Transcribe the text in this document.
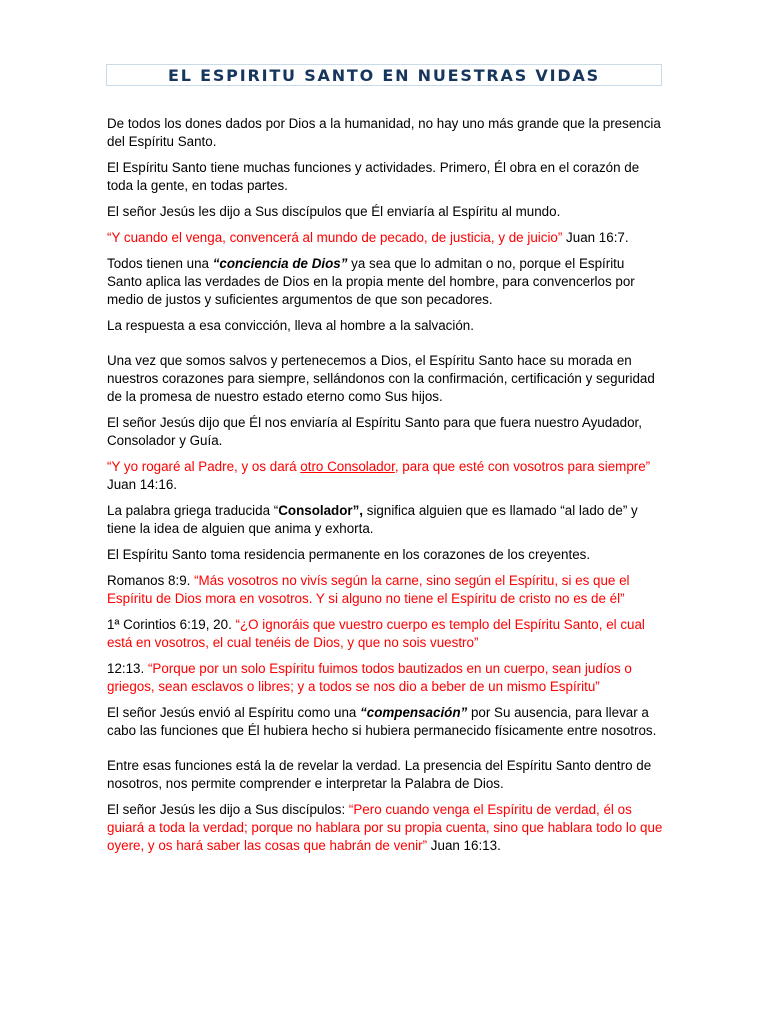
EL ESPIRITU SANTO EN NUESTRAS VIDAS

De todos los dones dados por Dios a la humanidad, no hay uno más grande que la presencia del Espíritu Santo.

El Espíritu Santo tiene muchas funciones y actividades. Primero, Él obra en el corazón de toda la gente, en todas partes.

El señor Jesús les dijo a Sus discípulos que Él enviaría al Espíritu al mundo.

“Y cuando el venga, convencerá al mundo de pecado, de justicia, y de juicio” Juan 16:7.

Todos tienen una “conciencia de Dios” ya sea que lo admitan o no, porque el Espíritu Santo aplica las verdades de Dios en la propia mente del hombre, para convencerlos por medio de justos y suficientes argumentos de que son pecadores.

La respuesta a esa convicción, lleva al hombre a la salvación.

Una vez que somos salvos y pertenecemos a Dios, el Espíritu Santo hace su morada en nuestros corazones para siempre, sellándonos con la confirmación, certificación y seguridad de la promesa de nuestro estado eterno como Sus hijos.

El señor Jesús dijo que Él nos enviaría al Espíritu Santo para que fuera nuestro Ayudador, Consolador y Guía.

“Y yo rogaré al Padre, y os dará otro Consolador, para que esté con vosotros para siempre” Juan 14:16.

La palabra griega traducida “Consolador”, significa alguien que es llamado “al lado de” y tiene la idea de alguien que anima y exhorta.

El Espíritu Santo toma residencia permanente en los corazones de los creyentes.

Romanos 8:9. “Más vosotros no vivís según la carne, sino según el Espíritu, si es que el Espíritu de Dios mora en vosotros. Y si alguno no tiene el Espíritu de cristo no es de él”

1ª Corintios 6:19, 20. “¿O ignoráis que vuestro cuerpo es templo del Espíritu Santo, el cual está en vosotros, el cual tenéis de Dios, y que no sois vuestro”

12:13. “Porque por un solo Espíritu fuimos todos bautizados en un cuerpo, sean judíos o griegos, sean esclavos o libres; y a todos se nos dio a beber de un mismo Espíritu”

El señor Jesús envió al Espíritu como una “compensación” por Su ausencia, para llevar a cabo las funciones que Él hubiera hecho si hubiera permanecido físicamente entre nosotros.

Entre esas funciones está la de revelar la verdad. La presencia del Espíritu Santo dentro de nosotros, nos permite comprender e interpretar la Palabra de Dios.

El señor Jesús les dijo a Sus discípulos: “Pero cuando venga el Espíritu de verdad, él os guiará a toda la verdad; porque no hablara por su propia cuenta, sino que hablara todo lo que oyere, y os hará saber las cosas que habrán de venir” Juan 16:13.
